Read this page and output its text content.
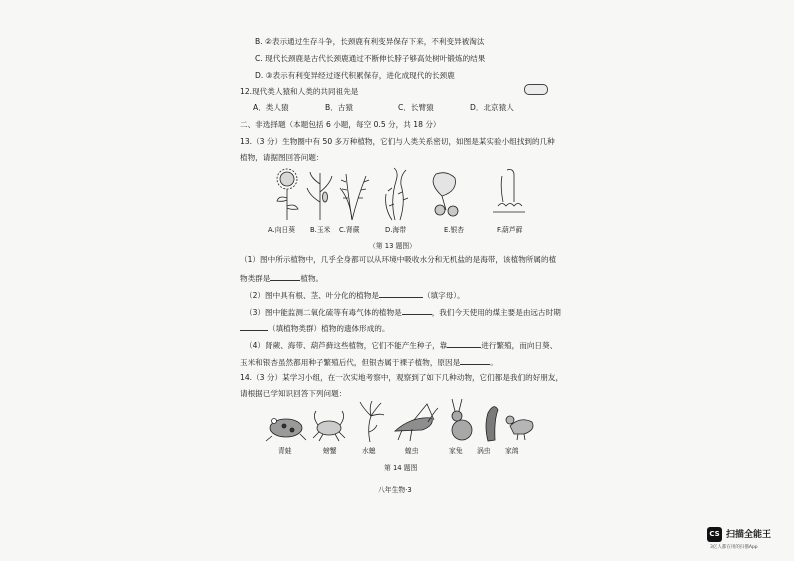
B. ②表示通过生存斗争，长颈鹿有利变异保存下来，不利变异被淘汰
C. 现代长颈鹿是古代长颈鹿通过不断伸长脖子够高处树叶锻炼的结果
D. ③表示有利变异经过逐代积累保存，进化成现代的长颈鹿
12.现代类人猿和人类的共同祖先是
A．类人猿	B．古猿	C．长臂猿	D．北京猿人
二、非选择题（本题包括 6 小题，每空 0.5 分，共 18 分）
13.（3 分）生物圈中有 50 多万种植物，它们与人类关系密切，如图是某实验小组找到的几种
植物，请据图回答问题：
A.向日葵 B.玉米 C.肾蕨	D.海带	E.银杏	F.葫芦藓
（第 13 题图）
（1）图中所示植物中，几乎全身都可以从环境中吸收水分和无机盐的是海带，该植物所属的植
物类群是	植物。
（2）图中具有根、茎、叶分化的植物是	（填字母）。
（3）图中能监测二氧化硫等有毒气体的植物是	，我们今天使用的煤主要是由远古时期
（填植物类群）植物的遗体形成的。
（4）肾蕨、海带、葫芦藓这些植物，它们不能产生种子，靠	进行繁殖，而向日葵、
玉米和银杏虽然都用种子繁殖后代，但银杏属于裸子植物，原因是	。
14.（3 分）某学习小组，在一次实地考察中，观察到了如下几种动物，它们都是我们的好朋友，
请根据已学知识回答下列问题：
青蛙	螃蟹	水螅	蝗虫	家兔 涡虫 家鸽
第 14 题图
八年生物·3
CS 扫描全能王
3亿人都在用的扫描App
